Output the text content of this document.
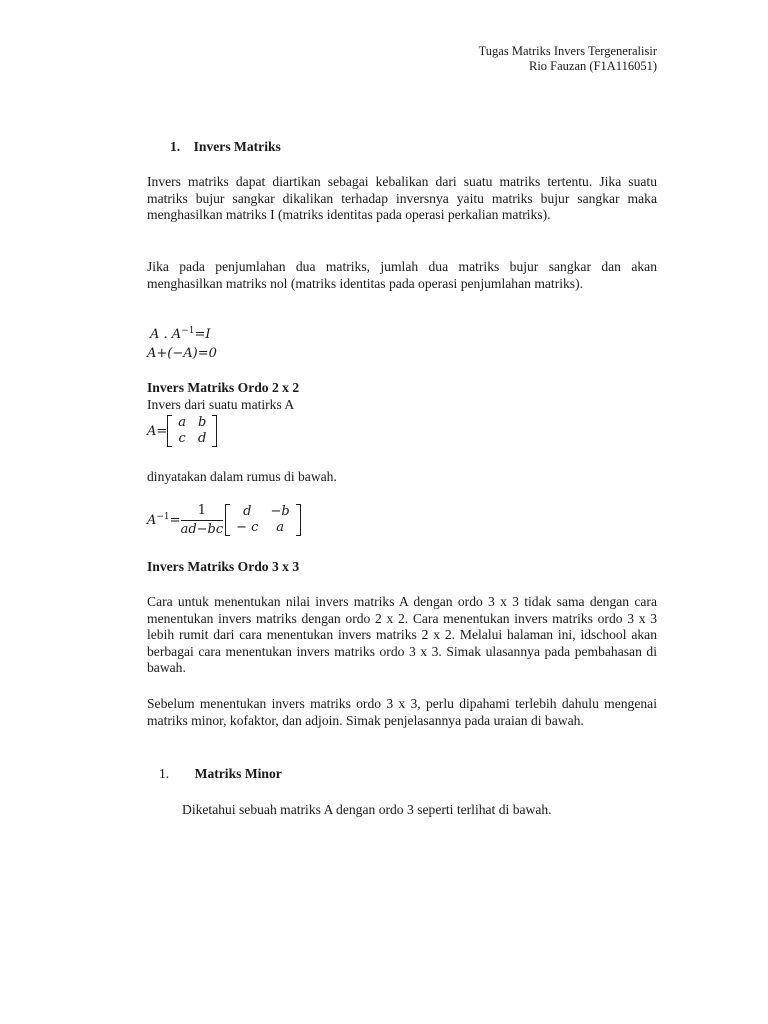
Tugas Matriks Invers Tergeneralisir
Rio Fauzan (F1A116051)
1. Invers Matriks
Invers matriks dapat diartikan sebagai kebalikan dari suatu matriks tertentu. Jika suatu matriks bujur sangkar dikalikan terhadap inversnya yaitu matriks bujur sangkar maka menghasilkan matriks I (matriks identitas pada operasi perkalian matriks).
Jika pada penjumlahan dua matriks, jumlah dua matriks bujur sangkar dan akan menghasilkan matriks nol (matriks identitas pada operasi penjumlahan matriks).
A . $A^{-1}=I$
A+(−A)=0
Invers Matriks Ordo 2 x 2
Invers dari suatu matirks A
A=
a	b
c	d
dinyatakan dalam rumus di bawah.
$A^{-1}= \frac{1}{ad-bc}$ d	−b
− c	a
Invers Matriks Ordo 3 x 3
Cara untuk menentukan nilai invers matriks A dengan ordo 3 x 3 tidak sama dengan cara menentukan invers matriks dengan ordo 2 x 2. Cara menentukan invers matriks ordo 3 x 3 lebih rumit dari cara menentukan invers matriks 2 x 2. Melalui halaman ini, idschool akan berbagai cara menentukan invers matriks ordo 3 x 3. Simak ulasannya pada pembahasan di bawah.
Sebelum menentukan invers matriks ordo 3 x 3, perlu dipahami terlebih dahulu mengenai matriks minor, kofaktor, dan adjoin. Simak penjelasannya pada uraian di bawah.
1. Matriks Minor
Diketahui sebuah matriks A dengan ordo 3 seperti terlihat di bawah.
